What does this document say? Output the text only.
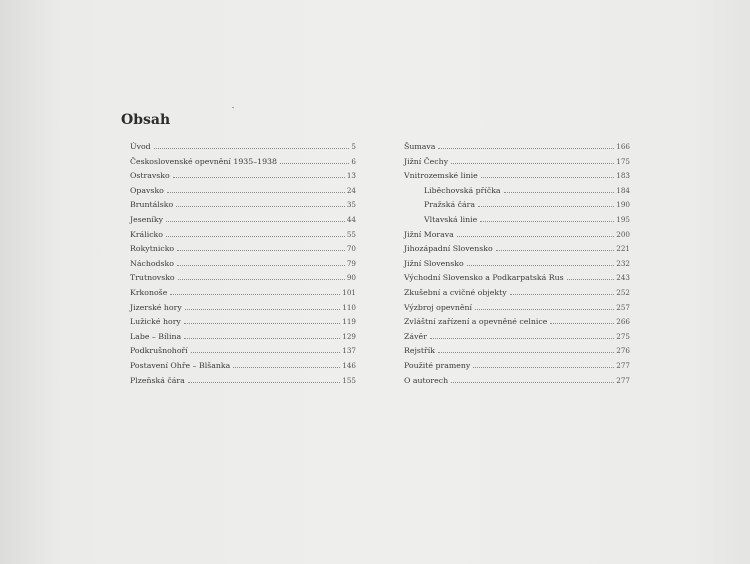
Obsah
Úvod	5
Československé opevnění 1935–1938	6
Ostravsko	13
Opavsko	24
Bruntálsko	35
Jeseníky	44
Králicko	55
Rokytnicko	70
Náchodsko	79
Trutnovsko	90
Krkonoše	101
Jizerské hory	110
Lužické hory	119
Labe – Bílina	129
Podkrušnohoří	137
Postavení Ohře – Blšanka	146
Plzeňská čára	155
Šumava	166
Jižní Čechy	175
Vnitrozemské linie	183
Liběchovská příčka	184
Pražská čára	190
Vltavská linie	195
Jižní Morava	200
Jihozápadní Slovensko	221
Jižní Slovensko	232
Východní Slovensko a Podkarpatská Rus	243
Zkušební a cvičné objekty	252
Výzbroj opevnění	257
Zvláštní zařízení a opevněné celnice	266
Závěr	275
Rejstřík	276
Použité prameny	277
O autorech	277
